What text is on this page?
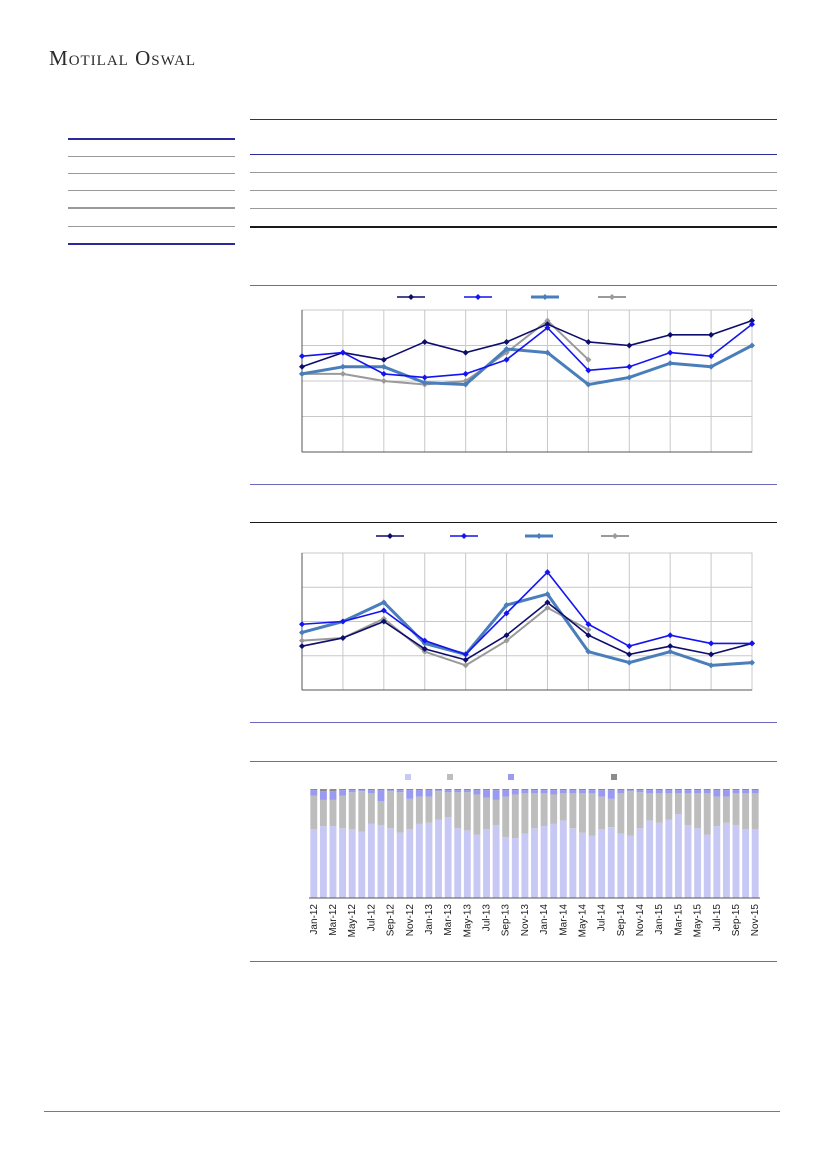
MOTILAL OSWAL
Jan-12 Mar-12 May-12 Jul-12 Sep-12 Nov-12 Jan-13 Mar-13 May-13 Jul-13 Sep-13 Nov-13 Jan-14 Mar-14 May-14 Jul-14 Sep-14 Nov-14 Jan-15 Mar-15 May-15 Jul-15 Sep-15 Nov-15
